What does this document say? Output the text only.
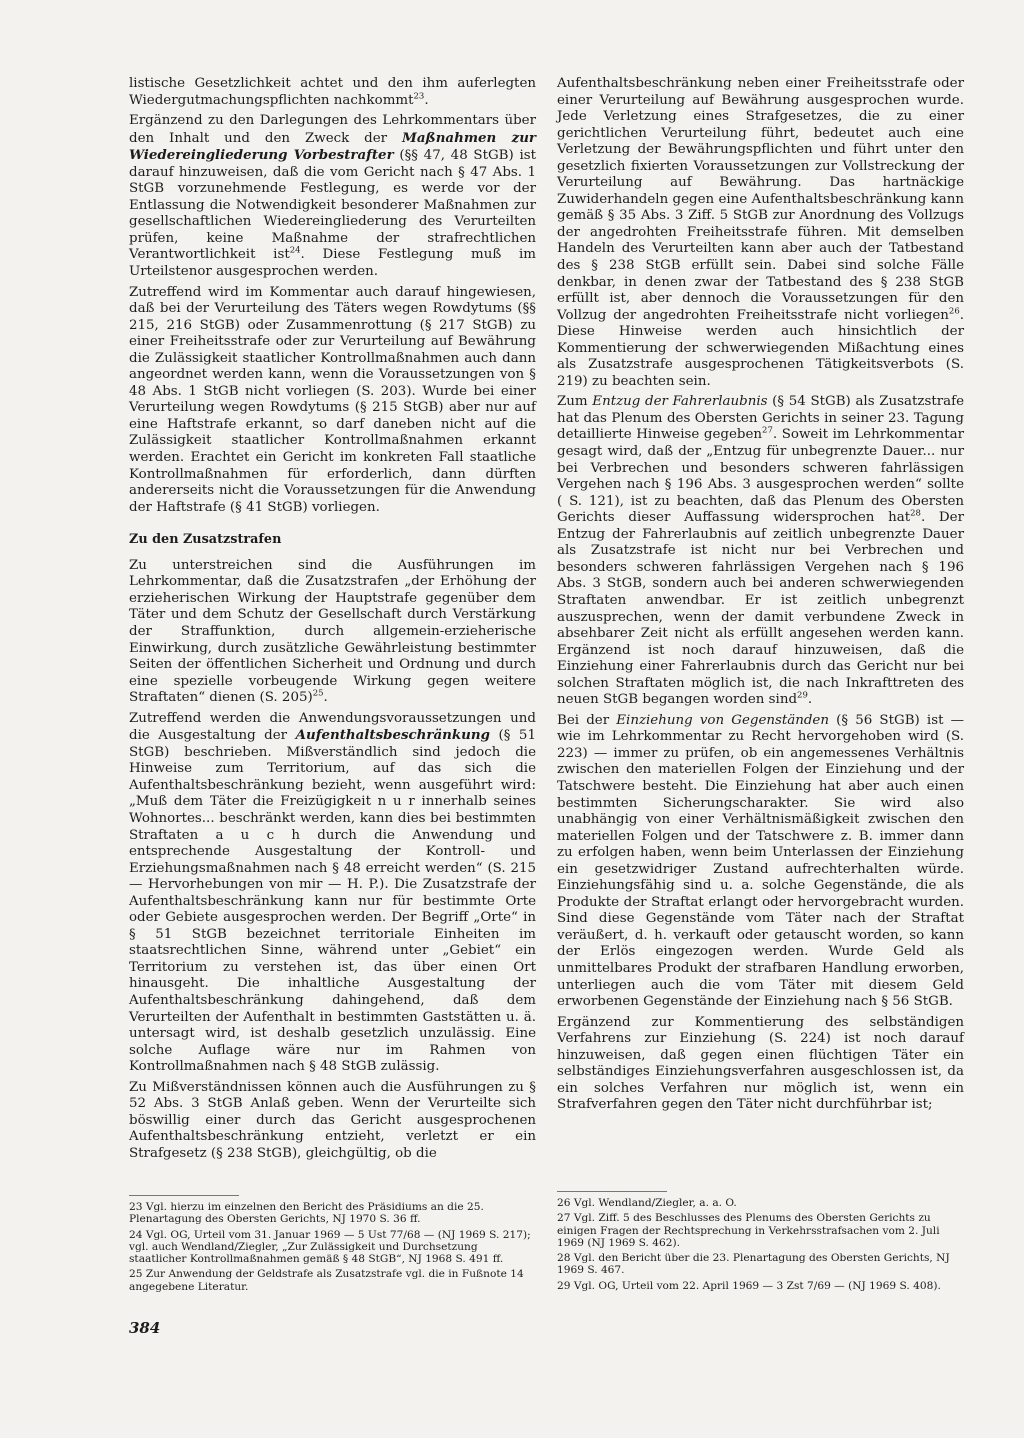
listische Gesetzlichkeit achtet und den ihm auferlegten Wiedergutmachungspflichten nachkommt$^{23}$.

Ergänzend zu den Darlegungen des Lehrkommentars über den Inhalt und den Zweck der Maßnahmen zur Wiedereingliederung Vorbestrafter (§§ 47, 48 StGB) ist darauf hinzuweisen, daß die vom Gericht nach § 47 Abs. 1 StGB vorzunehmende Festlegung, es werde vor der Entlassung die Notwendigkeit besonderer Maßnahmen zur gesellschaftlichen Wiedereingliederung des Verurteilten prüfen, keine Maßnahme der strafrechtlichen Verantwortlichkeit ist$^{24}$. Diese Festlegung muß im Urteilstenor ausgesprochen werden.

Zutreffend wird im Kommentar auch darauf hingewiesen, daß bei der Verurteilung des Täters wegen Rowdytums (§§ 215, 216 StGB) oder Zusammenrottung (§ 217 StGB) zu einer Freiheitsstrafe oder zur Verurteilung auf Bewährung die Zulässigkeit staatlicher Kontrollmaßnahmen auch dann angeordnet werden kann, wenn die Voraussetzungen von § 48 Abs. 1 StGB nicht vorliegen (S. 203). Wurde bei einer Verurteilung wegen Rowdytums (§ 215 StGB) aber nur auf eine Haftstrafe erkannt, so darf daneben nicht auf die Zulässigkeit staatlicher Kontrollmaßnahmen erkannt werden. Erachtet ein Gericht im konkreten Fall staatliche Kontrollmaßnahmen für erforderlich, dann dürften andererseits nicht die Voraussetzungen für die Anwendung der Haftstrafe (§ 41 StGB) vorliegen.

Zu den Zusatzstrafen

Zu unterstreichen sind die Ausführungen im Lehrkommentar, daß die Zusatzstrafen „der Erhöhung der erzieherischen Wirkung der Hauptstrafe gegenüber dem Täter und dem Schutz der Gesellschaft durch Verstärkung der Straffunktion, durch allgemein-erzieherische Einwirkung, durch zusätzliche Gewährleistung bestimmter Seiten der öffentlichen Sicherheit und Ordnung und durch eine spezielle vorbeugende Wirkung gegen weitere Straftaten“ dienen (S. 205)$^{25}$.

Zutreffend werden die Anwendungsvoraussetzungen und die Ausgestaltung der Aufenthaltsbeschränkung (§ 51 StGB) beschrieben. Mißverständlich sind jedoch die Hinweise zum Territorium, auf das sich die Aufenthaltsbeschränkung bezieht, wenn ausgeführt wird: „Muß dem Täter die Freizügigkeit n u r innerhalb seines Wohnortes... beschränkt werden, kann dies bei bestimmten Straftaten a u c h durch die Anwendung und entsprechende Ausgestaltung der Kontroll- und Erziehungsmaßnahmen nach § 48 erreicht werden“ (S. 215 — Hervorhebungen von mir — H. P.). Die Zusatzstrafe der Aufenthaltsbeschränkung kann nur für bestimmte Orte oder Gebiete ausgesprochen werden. Der Begriff „Orte“ in § 51 StGB bezeichnet territoriale Einheiten im staatsrechtlichen Sinne, während unter „Gebiet“ ein Territorium zu verstehen ist, das über einen Ort hinausgeht. Die inhaltliche Ausgestaltung der Aufenthaltsbeschränkung dahingehend, daß dem Verurteilten der Aufenthalt in bestimmten Gaststätten u. ä. untersagt wird, ist deshalb gesetzlich unzulässig. Eine solche Auflage wäre nur im Rahmen von Kontrollmaßnahmen nach § 48 StGB zulässig.

Zu Mißverständnissen können auch die Ausführungen zu § 52 Abs. 3 StGB Anlaß geben. Wenn der Verurteilte sich böswillig einer durch das Gericht ausgesprochenen Aufenthaltsbeschränkung entzieht, verletzt er ein Strafgesetz (§ 238 StGB), gleichgültig, ob die

Aufenthaltsbeschränkung neben einer Freiheitsstrafe oder einer Verurteilung auf Bewährung ausgesprochen wurde. Jede Verletzung eines Strafgesetzes, die zu einer gerichtlichen Verurteilung führt, bedeutet auch eine Verletzung der Bewährungspflichten und führt unter den gesetzlich fixierten Voraussetzungen zur Vollstreckung der Verurteilung auf Bewährung. Das hartnäckige Zuwiderhandeln gegen eine Aufenthaltsbeschränkung kann gemäß § 35 Abs. 3 Ziff. 5 StGB zur Anordnung des Vollzugs der angedrohten Freiheitsstrafe führen. Mit demselben Handeln des Verurteilten kann aber auch der Tatbestand des § 238 StGB erfüllt sein. Dabei sind solche Fälle denkbar, in denen zwar der Tatbestand des § 238 StGB erfüllt ist, aber dennoch die Voraussetzungen für den Vollzug der angedrohten Freiheitsstrafe nicht vorliegen$^{26}$. Diese Hinweise werden auch hinsichtlich der Kommentierung der schwerwiegenden Mißachtung eines als Zusatzstrafe ausgesprochenen Tätigkeitsverbots (S. 219) zu beachten sein.

Zum Entzug der Fahrerlaubnis (§ 54 StGB) als Zusatzstrafe hat das Plenum des Obersten Gerichts in seiner 23. Tagung detaillierte Hinweise gegeben$^{27}$. Soweit im Lehrkommentar gesagt wird, daß der „Entzug für unbegrenzte Dauer... nur bei Verbrechen und besonders schweren fahrlässigen Vergehen nach § 196 Abs. 3 ausgesprochen werden“ sollte ( S. 121), ist zu beachten, daß das Plenum des Obersten Gerichts dieser Auffassung widersprochen hat$^{28}$. Der Entzug der Fahrerlaubnis auf zeitlich unbegrenzte Dauer als Zusatzstrafe ist nicht nur bei Verbrechen und besonders schweren fahrlässigen Vergehen nach § 196 Abs. 3 StGB, sondern auch bei anderen schwerwiegenden Straftaten anwendbar. Er ist zeitlich unbegrenzt auszusprechen, wenn der damit verbundene Zweck in absehbarer Zeit nicht als erfüllt angesehen werden kann. Ergänzend ist noch darauf hinzuweisen, daß die Einziehung einer Fahrerlaubnis durch das Gericht nur bei solchen Straftaten möglich ist, die nach Inkrafttreten des neuen StGB begangen worden sind$^{29}$.

Bei der Einziehung von Gegenständen (§ 56 StGB) ist — wie im Lehrkommentar zu Recht hervorgehoben wird (S. 223) — immer zu prüfen, ob ein angemessenes Verhältnis zwischen den materiellen Folgen der Einziehung und der Tatschwere besteht. Die Einziehung hat aber auch einen bestimmten Sicherungscharakter. Sie wird also unabhängig von einer Verhältnismäßigkeit zwischen den materiellen Folgen und der Tatschwere z. B. immer dann zu erfolgen haben, wenn beim Unterlassen der Einziehung ein gesetzwidriger Zustand aufrechterhalten würde. Einziehungsfähig sind u. a. solche Gegenstände, die als Produkte der Straftat erlangt oder hervorgebracht wurden. Sind diese Gegenstände vom Täter nach der Straftat veräußert, d. h. verkauft oder getauscht worden, so kann der Erlös eingezogen werden. Wurde Geld als unmittelbares Produkt der strafbaren Handlung erworben, unterliegen auch die vom Täter mit diesem Geld erworbenen Gegenstände der Einziehung nach § 56 StGB.

Ergänzend zur Kommentierung des selbständigen Verfahrens zur Einziehung (S. 224) ist noch darauf hinzuweisen, daß gegen einen flüchtigen Täter ein selbständiges Einziehungsverfahren ausgeschlossen ist, da ein solches Verfahren nur möglich ist, wenn ein Strafverfahren gegen den Täter nicht durchführbar ist;

23 Vgl. hierzu im einzelnen den Bericht des Präsidiums an die 25. Plenartagung des Obersten Gerichts, NJ 1970 S. 36 ff.

24 Vgl. OG, Urteil vom 31. Januar 1969 — 5 Ust 77/68 — (NJ 1969 S. 217); vgl. auch Wendland/Ziegler, „Zur Zulässigkeit und Durchsetzung staatlicher Kontrollmaßnahmen gemäß § 48 StGB“, NJ 1968 S. 491 ff.

25 Zur Anwendung der Geldstrafe als Zusatzstrafe vgl. die in Fußnote 14 angegebene Literatur.

26 Vgl. Wendland/Ziegler, a. a. O.

27 Vgl. Ziff. 5 des Beschlusses des Plenums des Obersten Gerichts zu einigen Fragen der Rechtsprechung in Verkehrsstrafsachen vom 2. Juli 1969 (NJ 1969 S. 462).

28 Vgl. den Bericht über die 23. Plenartagung des Obersten Gerichts, NJ 1969 S. 467.

29 Vgl. OG, Urteil vom 22. April 1969 — 3 Zst 7/69 — (NJ 1969 S. 408).

384
